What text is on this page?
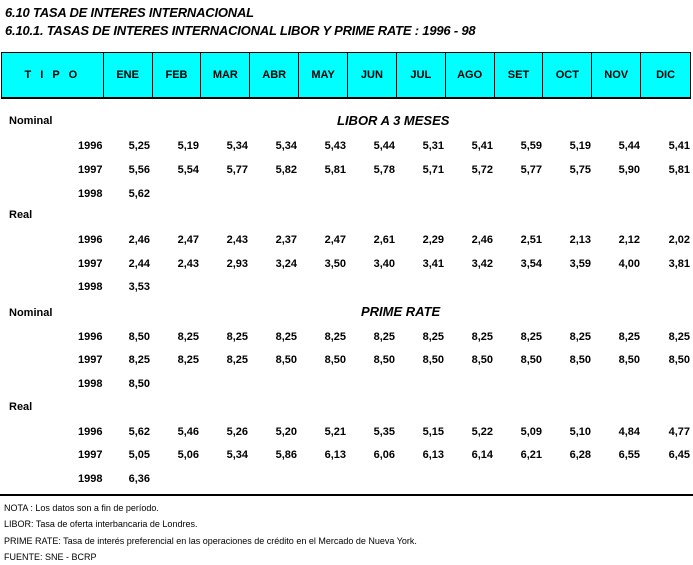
6.10 TASA DE INTERES INTERNACIONAL
6.10.1. TASAS DE INTERES INTERNACIONAL LIBOR Y PRIME RATE : 1996 - 98
T I P O	ENE	FEB	MAR	ABR	MAY	JUN	JUL	AGO	SET	OCT	NOV	DIC
LIBOR A 3 MESES
Nominal
1996	5,25	5,19	5,34	5,34	5,43	5,44	5,31	5,41	5,59	5,19	5,44	5,41
1997	5,56	5,54	5,77	5,82	5,81	5,78	5,71	5,72	5,77	5,75	5,90	5,81
1998	5,62
Real
1996	2,46	2,47	2,43	2,37	2,47	2,61	2,29	2,46	2,51	2,13	2,12	2,02
1997	2,44	2,43	2,93	3,24	3,50	3,40	3,41	3,42	3,54	3,59	4,00	3,81
1998	3,53
PRIME RATE
Nominal
1996	8,50	8,25	8,25	8,25	8,25	8,25	8,25	8,25	8,25	8,25	8,25	8,25
1997	8,25	8,25	8,25	8,50	8,50	8,50	8,50	8,50	8,50	8,50	8,50	8,50
1998	8,50
Real
1996	5,62	5,46	5,26	5,20	5,21	5,35	5,15	5,22	5,09	5,10	4,84	4,77
1997	5,05	5,06	5,34	5,86	6,13	6,06	6,13	6,14	6,21	6,28	6,55	6,45
1998	6,36
NOTA : Los datos son a fin de período.
LIBOR: Tasa de oferta interbancaria de Londres.
PRIME RATE: Tasa de interés preferencial en las operaciones de crédito en el Mercado de Nueva York.
FUENTE: SNE - BCRP
